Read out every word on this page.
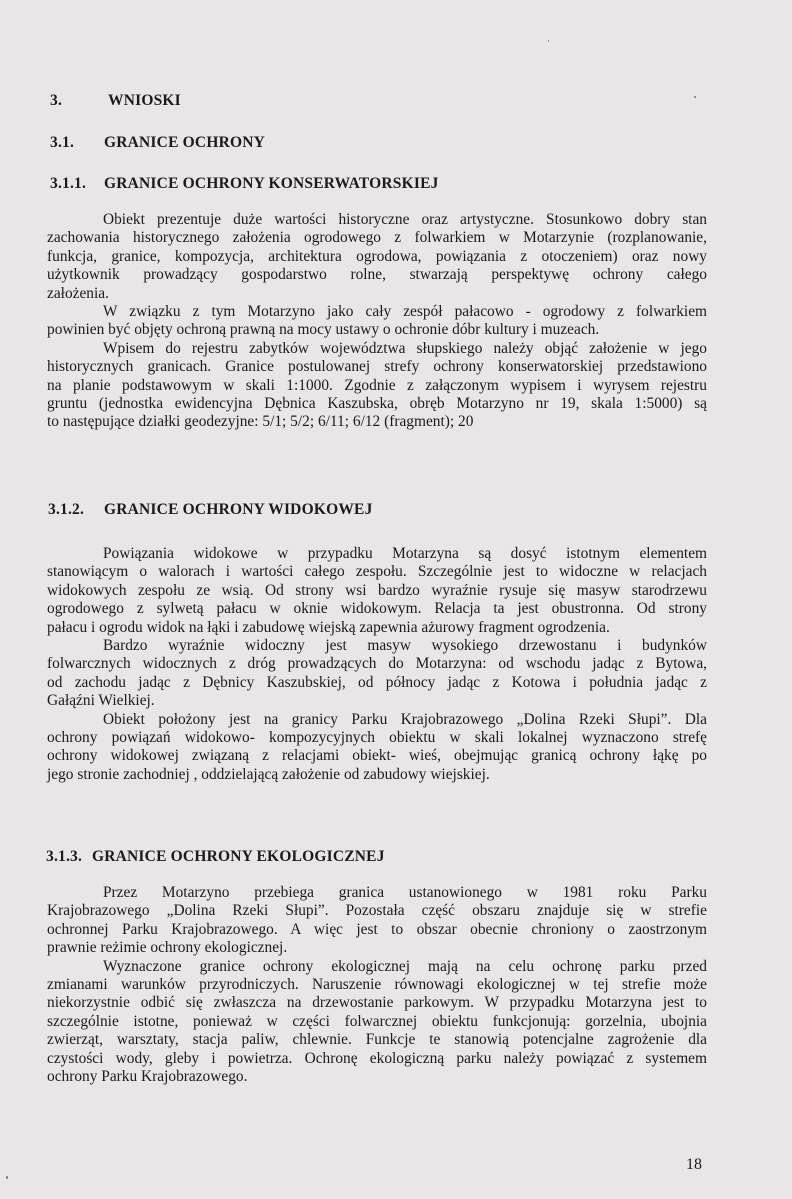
3.	WNIOSKI
3.1. GRANICE OCHRONY
3.1.1. GRANICE OCHRONY KONSERWATORSKIEJ

Obiekt prezentuje duże wartości historyczne oraz artystyczne. Stosunkowo dobry stan
zachowania historycznego założenia ogrodowego z folwarkiem w Motarzynie (rozplanowanie,
funkcja, granice, kompozycja, architektura ogrodowa, powiązania z otoczeniem) oraz nowy
użytkownik prowadzący gospodarstwo rolne, stwarzają perspektywę ochrony całego
założenia.

W związku z tym Motarzyno jako cały zespół pałacowo - ogrodowy z folwarkiem
powinien być objęty ochroną prawną na mocy ustawy o ochronie dóbr kultury i muzeach.

Wpisem do rejestru zabytków województwa słupskiego należy objąć założenie w jego
historycznych granicach. Granice postulowanej strefy ochrony konserwatorskiej przedstawiono
na planie podstawowym w skali 1:1000. Zgodnie z załączonym wypisem i wyrysem rejestru
gruntu (jednostka ewidencyjna Dębnica Kaszubska, obręb Motarzyno nr 19, skala 1:5000) są
to następujące działki geodezyjne: 5/1; 5/2; 6/11; 6/12 (fragment); 20

3.1.2. GRANICE OCHRONY WIDOKOWEJ

Powiązania widokowe w przypadku Motarzyna są dosyć istotnym elementem
stanowiącym o walorach i wartości całego zespołu. Szczególnie jest to widoczne w relacjach
widokowych zespołu ze wsią. Od strony wsi bardzo wyraźnie rysuje się masyw starodrzewu
ogrodowego z sylwetą pałacu w oknie widokowym. Relacja ta jest obustronna. Od strony
pałacu i ogrodu widok na łąki i zabudowę wiejską zapewnia ażurowy fragment ogrodzenia.

Bardzo wyraźnie widoczny jest masyw wysokiego drzewostanu i budynków
folwarcznych widocznych z dróg prowadzących do Motarzyna: od wschodu jadąc z Bytowa,
od zachodu jadąc z Dębnicy Kaszubskiej, od północy jadąc z Kotowa i południa jadąc z
Gałąźni Wielkiej.

Obiekt położony jest na granicy Parku Krajobrazowego „Dolina Rzeki Słupi”. Dla
ochrony powiązań widokowo- kompozycyjnych obiektu w skali lokalnej wyznaczono strefę
ochrony widokowej związaną z relacjami obiekt- wieś, obejmując granicą ochrony łąkę po
jego stronie zachodniej , oddzielającą założenie od zabudowy wiejskiej.

3.1.3. GRANICE OCHRONY EKOLOGICZNEJ

Przez Motarzyno przebiega granica ustanowionego w 1981 roku Parku
Krajobrazowego „Dolina Rzeki Słupi”. Pozostała część obszaru znajduje się w strefie
ochronnej Parku Krajobrazowego. A więc jest to obszar obecnie chroniony o zaostrzonym
prawnie reżimie ochrony ekologicznej.

Wyznaczone granice ochrony ekologicznej mają na celu ochronę parku przed
zmianami warunków przyrodniczych. Naruszenie równowagi ekologicznej w tej strefie może
niekorzystnie odbić się zwłaszcza na drzewostanie parkowym. W przypadku Motarzyna jest to
szczególnie istotne, ponieważ w części folwarcznej obiektu funkcjonują: gorzelnia, ubojnia
zwierząt, warsztaty, stacja paliw, chlewnie. Funkcje te stanowią potencjalne zagrożenie dla
czystości wody, gleby i powietrza. Ochronę ekologiczną parku należy powiązać z systemem
ochrony Parku Krajobrazowego.

18
